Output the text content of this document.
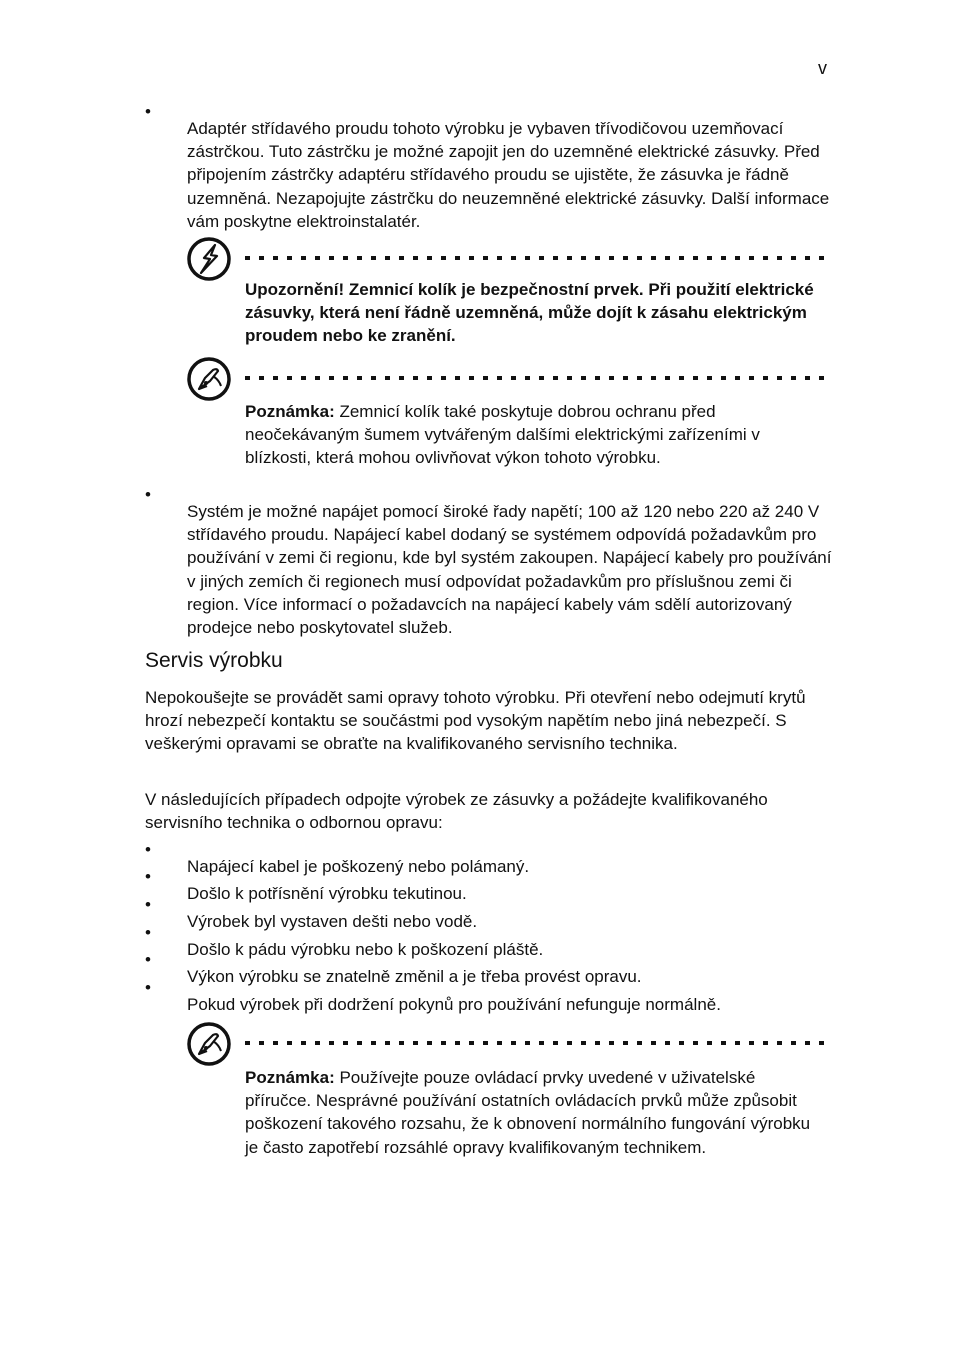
v
•

Adaptér střídavého proudu tohoto výrobku je vybaven třívodičovou uzemňovací zástrčkou. Tuto zástrčku je možné zapojit jen do uzemněné elektrické zásuvky. Před připojením zástrčky adaptéru střídavého proudu se ujistěte, že zásuvka je řádně uzemněná. Nezapojujte zástrčku do neuzemněné elektrické zásuvky. Další informace vám poskytne elektroinstalatér.

Upozornění! Zemnicí kolík je bezpečnostní prvek. Při použití elektrické zásuvky, která není řádně uzemněná, může dojít k zásahu elektrickým proudem nebo ke zranění.

Poznámka: Zemnicí kolík také poskytuje dobrou ochranu před neočekávaným šumem vytvářeným dalšími elektrickými zařízeními v blízkosti, která mohou ovlivňovat výkon tohoto výrobku.

•

Systém je možné napájet pomocí široké řady napětí; 100 až 120 nebo 220 až 240 V střídavého proudu. Napájecí kabel dodaný se systémem odpovídá požadavkům pro používání v zemi či regionu, kde byl systém zakoupen. Napájecí kabely pro používání v jiných zemích či regionech musí odpovídat požadavkům pro příslušnou zemi či region. Více informací o požadavcích na napájecí kabely vám sdělí autorizovaný prodejce nebo poskytovatel služeb.

Servis výrobku

Nepokoušejte se provádět sami opravy tohoto výrobku. Při otevření nebo odejmutí krytů hrozí nebezpečí kontaktu se součástmi pod vysokým napětím nebo jiná nebezpečí. S veškerými opravami se obraťte na kvalifikovaného servisního technika.

V následujících případech odpojte výrobek ze zásuvky a požádejte kvalifikovaného servisního technika o odbornou opravu:

•

Napájecí kabel je poškozený nebo polámaný.

•

Došlo k potřísnění výrobku tekutinou.

•

Výrobek byl vystaven dešti nebo vodě.

•

Došlo k pádu výrobku nebo k poškození pláště.

•

Výkon výrobku se znatelně změnil a je třeba provést opravu.

•

Pokud výrobek při dodržení pokynů pro používání nefunguje normálně.

Poznámka: Používejte pouze ovládací prvky uvedené v uživatelské příručce. Nesprávné používání ostatních ovládacích prvků může způsobit poškození takového rozsahu, že k obnovení normálního fungování výrobku je často zapotřebí rozsáhlé opravy kvalifikovaným technikem.
